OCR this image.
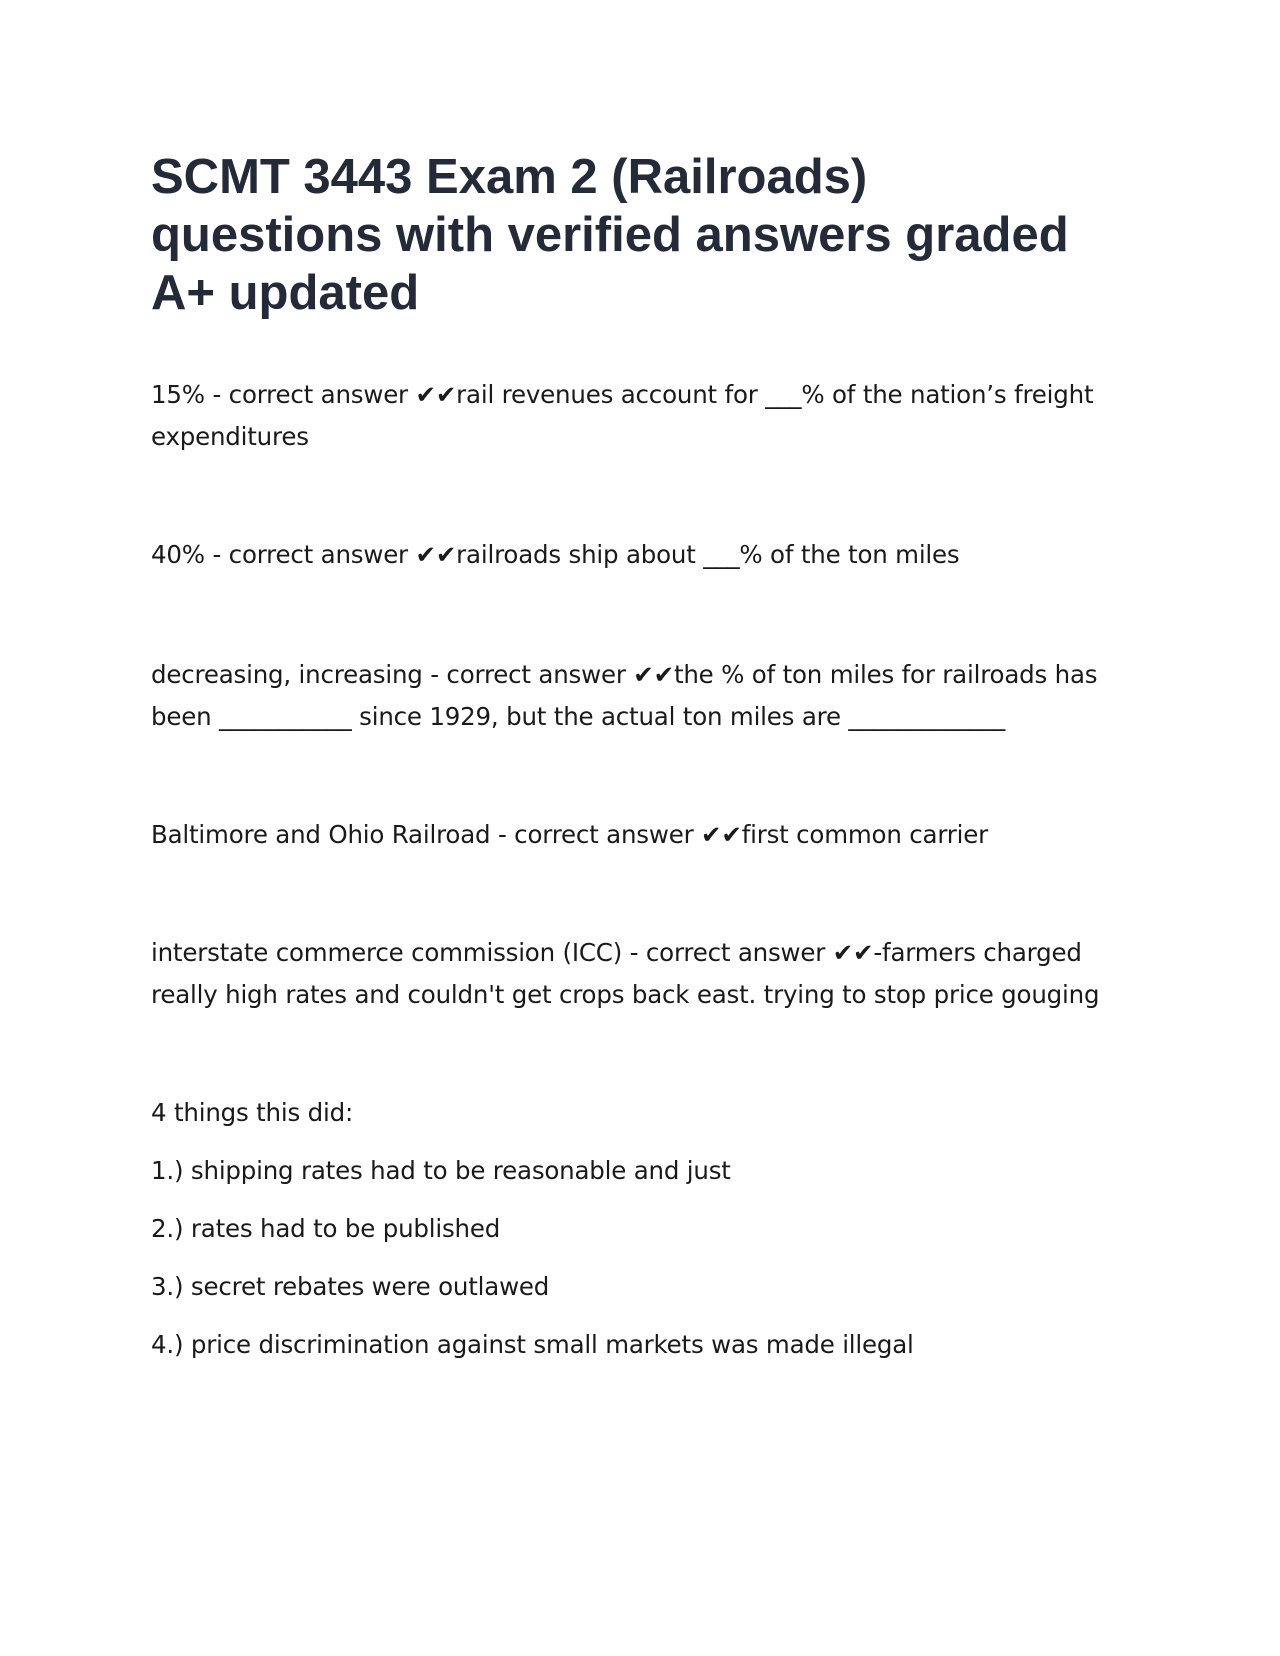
SCMT 3443 Exam 2 (Railroads) questions with verified answers graded A+ updated

15% - correct answer ✔✔rail revenues account for ___% of the nation’s freight expenditures

40% - correct answer ✔✔railroads ship about ___% of the ton miles

decreasing, increasing - correct answer ✔✔the % of ton miles for railroads has been ___________ since 1929, but the actual ton miles are _____________

Baltimore and Ohio Railroad - correct answer ✔✔first common carrier

interstate commerce commission (ICC) - correct answer ✔✔-farmers charged really high rates and couldn't get crops back east. trying to stop price gouging

4 things this did:

1.) shipping rates had to be reasonable and just

2.) rates had to be published

3.) secret rebates were outlawed

4.) price discrimination against small markets was made illegal
